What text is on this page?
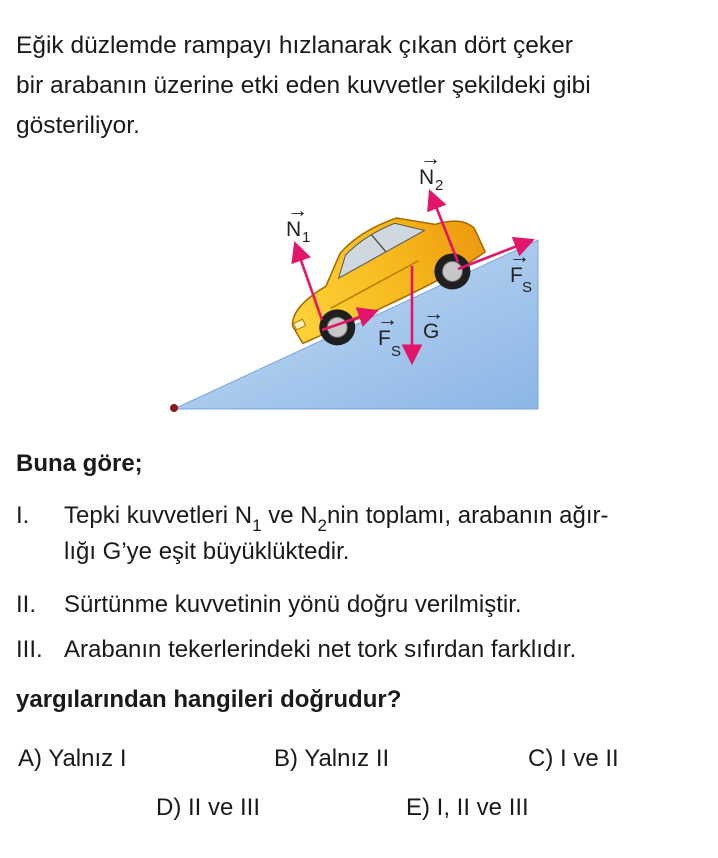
Eğik düzlemde rampayı hızlanarak çıkan dört çeker
bir arabanın üzerine etki eden kuvvetler şekildeki gibi
gösteriliyor.
N 1
→
N 2
→
F
S
→
F
S
→
G
→
Buna göre;
I. Tepki kuvvetleri $N_1$ ve $N_2nin$ toplamı, arabanın ağır-
lığı G’ye eşit büyüklüktedir.
II. Sürtünme kuvvetinin yönü doğru verilmiştir.
III. Arabanın tekerlerindeki net tork sıfırdan farklıdır.
yargılarından hangileri doğrudur?
A) Yalnız I	B) Yalnız II	C) I ve II
D) II ve III	E) I, II ve III
